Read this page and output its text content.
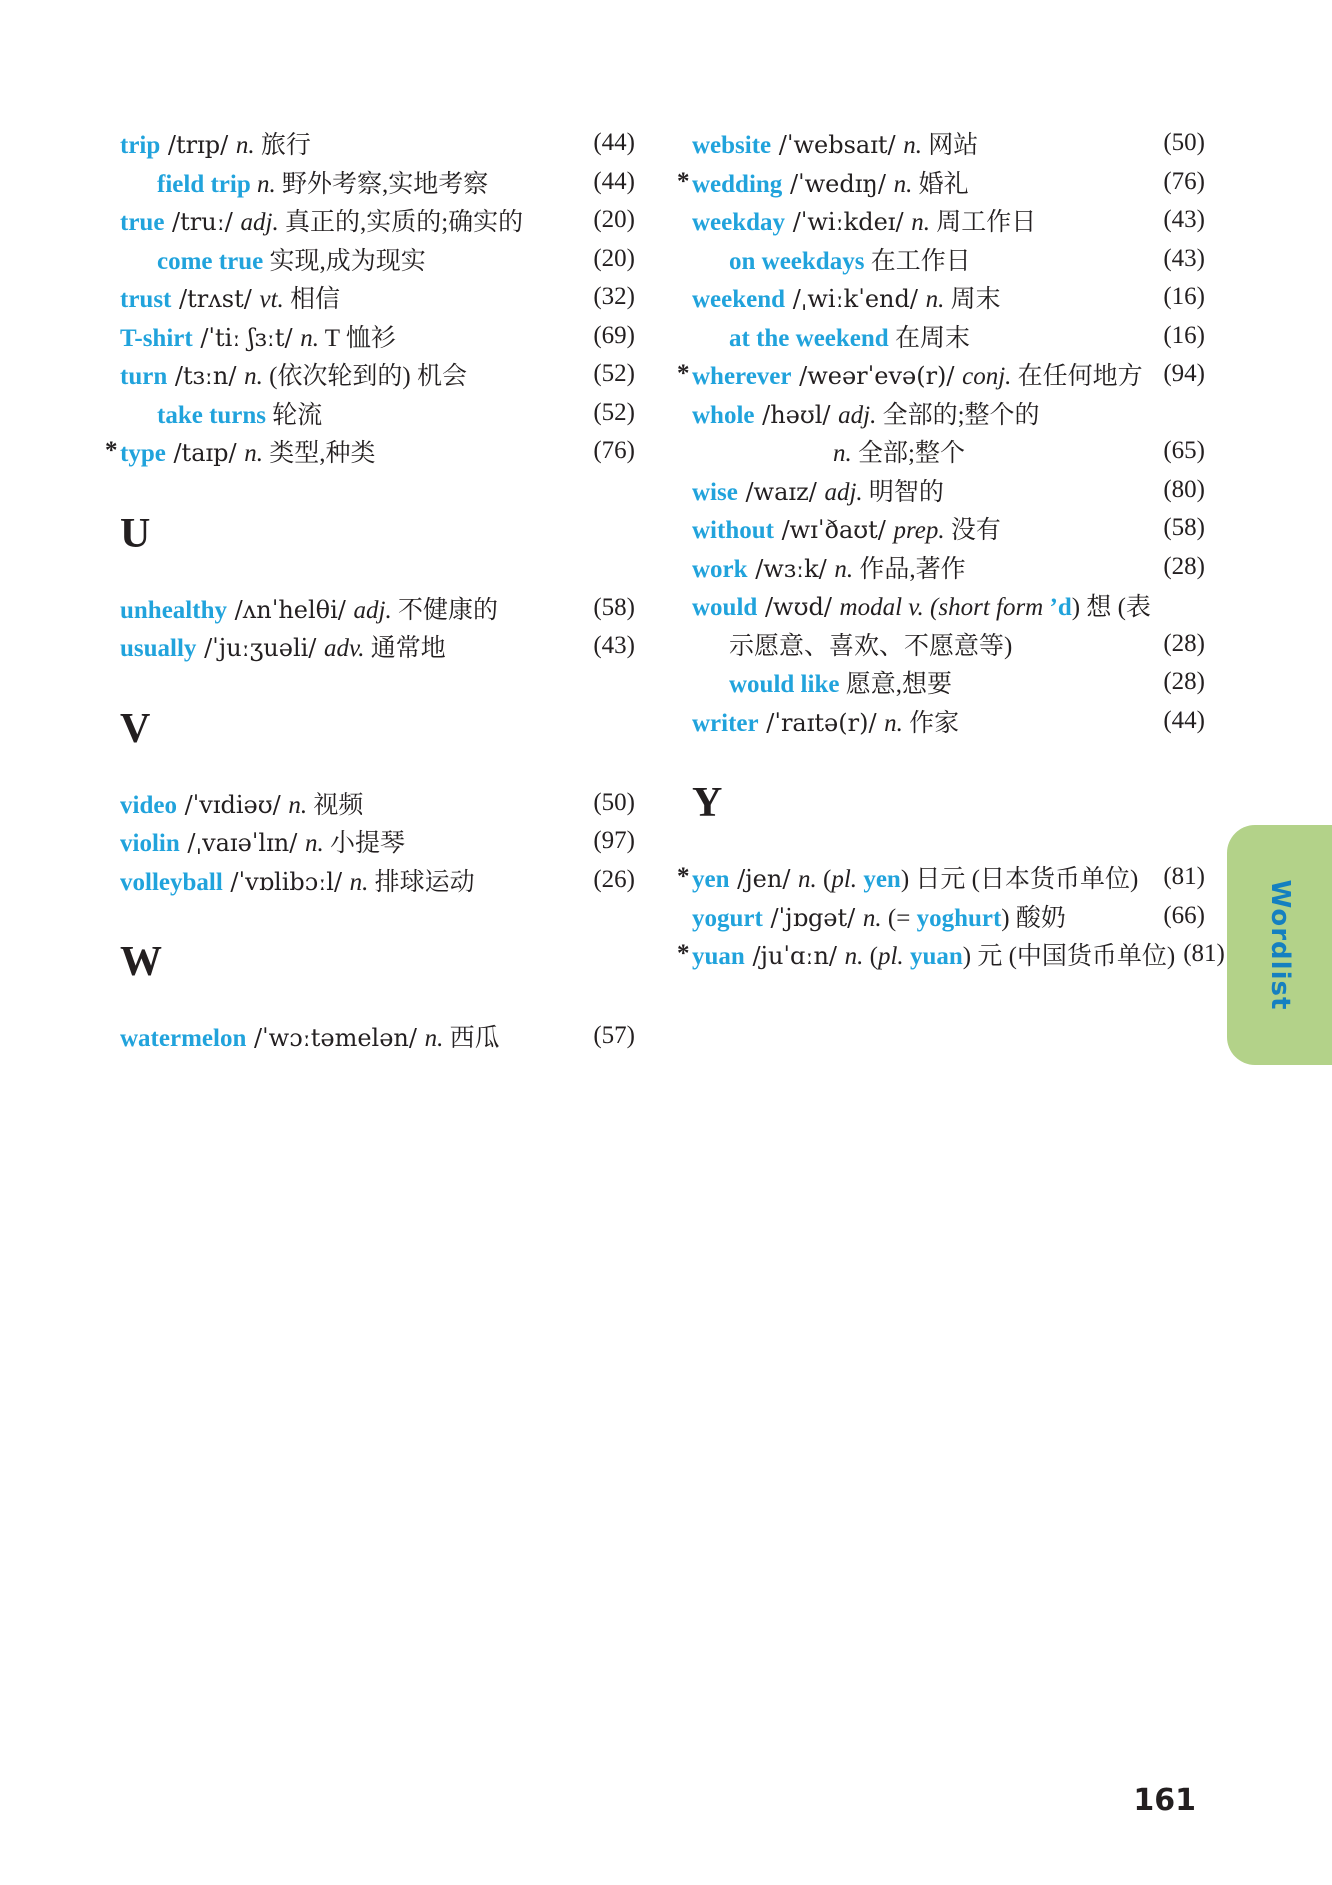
trip /trɪp/ n. 旅行	(44)
field trip n. 野外考察,实地考察	(44)
true /truː/ adj. 真正的,实质的;确实的	(20)
come true 实现,成为现实	(20)
trust /trʌst/ vt. 相信	(32)
T-shirt /ˈtiː ʃɜːt/ n. T 恤衫	(69)
turn /tɜːn/ n. (依次轮到的) 机会	(52)
take turns 轮流	(52)
* type /taɪp/ n. 类型,种类	(76)
U
unhealthy /ʌnˈhelθi/ adj. 不健康的	(58)
usually /ˈjuːʒuəli/ adv. 通常地	(43)
V
video /ˈvɪdiəʊ/ n. 视频	(50)
violin /ˌvaɪəˈlɪn/ n. 小提琴	(97)
volleyball /ˈvɒlibɔːl/ n. 排球运动	(26)
W
watermelon /ˈwɔːtəmelən/ n. 西瓜	(57)
website /ˈwebsaɪt/ n. 网站	(50)
* wedding /ˈwedɪŋ/ n. 婚礼	(76)
weekday /ˈwiːkdeɪ/ n. 周工作日	(43)
on weekdays 在工作日	(43)
weekend /ˌwiːkˈend/ n. 周末	(16)
at the weekend 在周末	(16)
* wherever /weərˈevə(r)/ conj. 在任何地方 (94)
whole /həʊl/ adj. 全部的;整个的
n. 全部;整个	(65)
wise /waɪz/ adj. 明智的	(80)
without /wɪˈðaʊt/ prep. 没有	(58)
work /wɜːk/ n. 作品,著作	(28)
would /wʊd/ modal v. (short form ’d) 想 (表
示愿意、喜欢、不愿意等)	(28)
would like 愿意,想要	(28)
writer /ˈraɪtə(r)/ n. 作家	(44)
Y
* yen /jen/ n. (pl. yen) 日元 (日本货币单位)	(81)
yogurt /ˈjɒgət/ n. (= yoghurt) 酸奶	(66)
* yuan /juˈɑːn/ n. (pl. yuan) 元 (中国货币单位) (81) Wordlist
161
